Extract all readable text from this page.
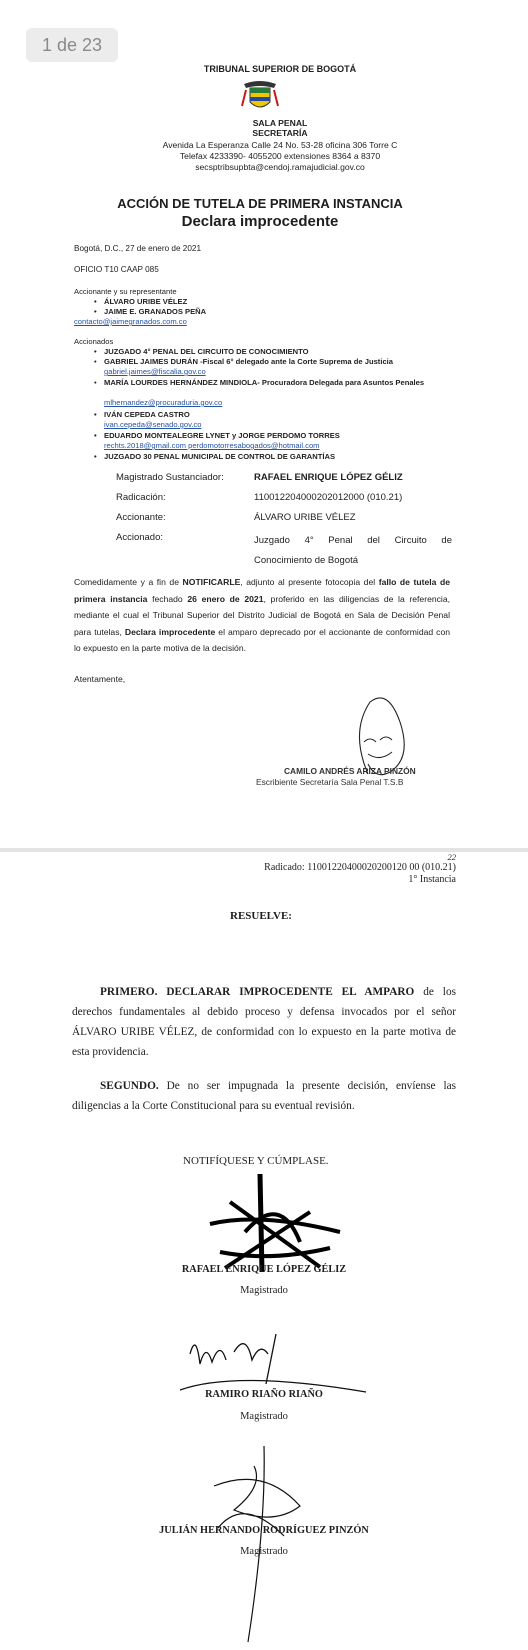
1 de 23
TRIBUNAL SUPERIOR DE BOGOTÁ
SALA PENAL
SECRETARÍA
Avenida La Esperanza Calle 24 No. 53-28 oficina 306 Torre C
Telefax 4233390- 4055200 extensiones 8364 a 8370
secsptribsupbta@cendoj.ramajudicial.gov.co
ACCIÓN DE TUTELA DE PRIMERA INSTANCIA
Declara improcedente
Bogotá, D.C., 27 de enero de 2021
OFICIO T10 CAAP 085
Accionante y su representante
• ÁLVARO URIBE VÉLEZ
• JAIME E. GRANADOS PEÑA
contacto@jaimegranados.com.co
Accionados
• JUZGADO 4° PENAL DEL CIRCUITO DE CONOCIMIENTO
• GABRIEL JAIMES DURÁN -Fiscal 6° delegado ante la Corte Suprema de Justicia
gabriel.jaimes@fiscalia.gov.co
• MARÍA LOURDES HERNÁNDEZ MINDIOLA- Procuradora Delegada para Asuntos Penales
mlhernandez@procuraduria.gov.co
• IVÁN CEPEDA CASTRO
ivan.cepeda@senado.gov.co
• EDUARDO MONTEALEGRE LYNET y JORGE PERDOMO TORRES
rechts.2018@gmail.com perdomotorresabogados@hotmail.com
• JUZGADO 30 PENAL MUNICIPAL DE CONTROL DE GARANTÍAS
Magistrado Sustanciador:	RAFAEL ENRIQUE LÓPEZ GÉLIZ
Radicación:	110012204000202012000 (010.21)
Accionante:	ÁLVARO URIBE VÉLEZ
Accionado:	Juzgado 4° Penal del Circuito de Conocimiento de Bogotá
Comedidamente y a fin de NOTIFICARLE, adjunto al presente fotocopia del fallo de tutela de primera instancia fechado 26 enero de 2021, proferido en las diligencias de la referencia, mediante el cual el Tribunal Superior del Distrito Judicial de Bogotá en Sala de Decisión Penal para tutelas, Declara improcedente el amparo deprecado por el accionante de conformidad con lo expuesto en la parte motiva de la decisión.
Atentamente,
CAMILO ANDRÉS ARIZA PINZÓN
Escribiente Secretaría Sala Penal T.S.B
22
Radicado: 11001220400020200120 00 (010.21)
1° Instancia
RESUELVE:
PRIMERO. DECLARAR IMPROCEDENTE EL AMPARO de los derechos fundamentales al debido proceso y defensa invocados por el señor ÁLVARO URIBE VÉLEZ, de conformidad con lo expuesto en la parte motiva de esta providencia.
SEGUNDO. De no ser impugnada la presente decisión, envíense las diligencias a la Corte Constitucional para su eventual revisión.
NOTIFÍQUESE Y CÚMPLASE.
RAFAEL ENRIQUE LÓPEZ GÉLIZ
Magistrado
RAMIRO RIAÑO RIAÑO
Magistrado
JULIÁN HERNANDO RODRÍGUEZ PINZÓN
Magistrado
